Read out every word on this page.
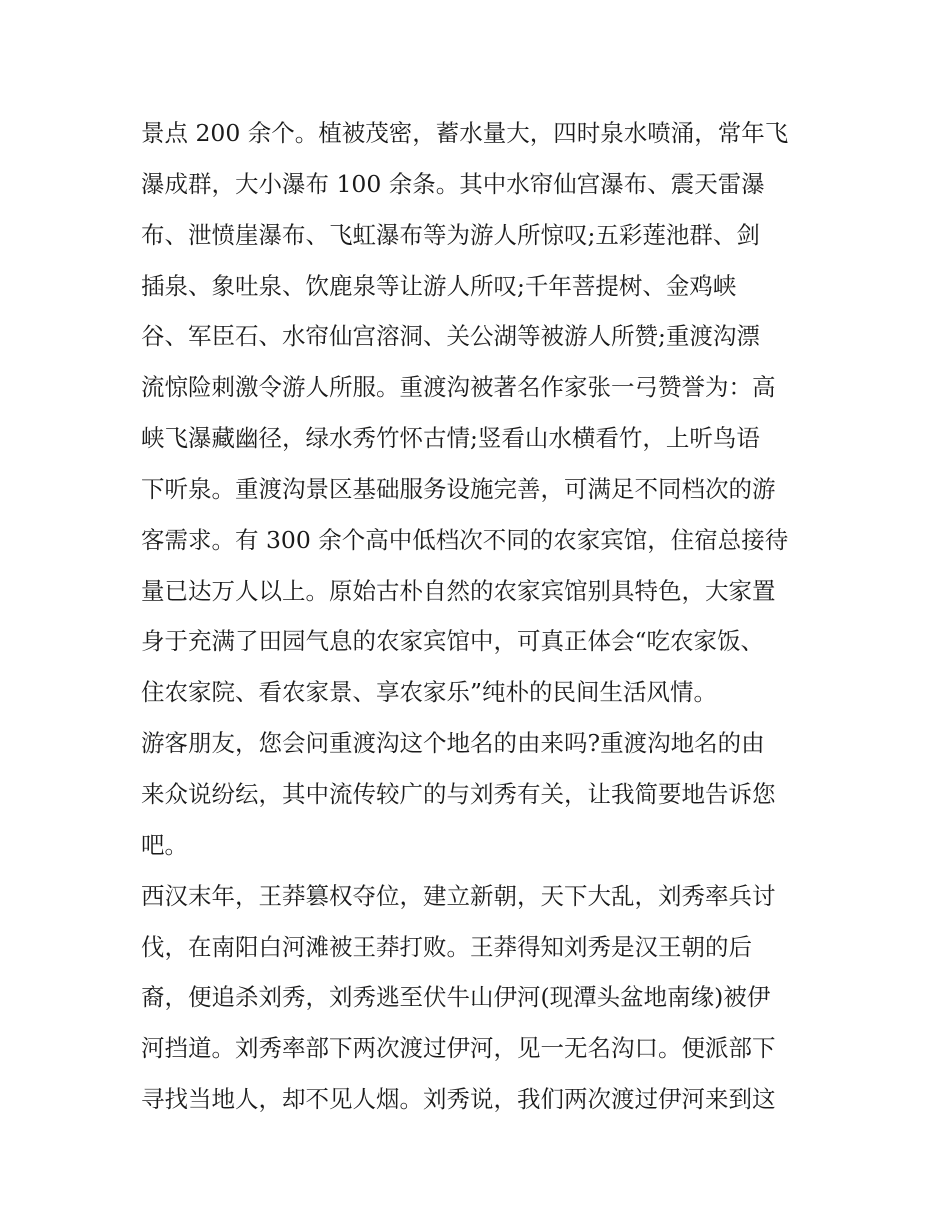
景点 200 余个。植被茂密，蓄水量大，四时泉水喷涌，常年飞
瀑成群，大小瀑布 100 余条。其中水帘仙宫瀑布、震天雷瀑
布、泄愤崖瀑布、飞虹瀑布等为游人所惊叹;五彩莲池群、剑
插泉、象吐泉、饮鹿泉等让游人所叹;千年菩提树、金鸡峡
谷、军臣石、水帘仙宫溶洞、关公湖等被游人所赞;重渡沟漂
流惊险刺激令游人所服。重渡沟被著名作家张一弓赞誉为：高
峡飞瀑藏幽径，绿水秀竹怀古情;竖看山水横看竹，上听鸟语
下听泉。重渡沟景区基础服务设施完善，可满足不同档次的游
客需求。有 300 余个高中低档次不同的农家宾馆，住宿总接待
量已达万人以上。原始古朴自然的农家宾馆别具特色，大家置
身于充满了田园气息的农家宾馆中，可真正体会“吃农家饭、
住农家院、看农家景、享农家乐”纯朴的民间生活风情。
游客朋友，您会问重渡沟这个地名的由来吗?重渡沟地名的由
来众说纷纭，其中流传较广的与刘秀有关，让我简要地告诉您
吧。
西汉末年，王莽篡权夺位，建立新朝，天下大乱，刘秀率兵讨
伐，在南阳白河滩被王莽打败。王莽得知刘秀是汉王朝的后
裔，便追杀刘秀，刘秀逃至伏牛山伊河(现潭头盆地南缘)被伊
河挡道。刘秀率部下两次渡过伊河，见一无名沟口。便派部下
寻找当地人，却不见人烟。刘秀说，我们两次渡过伊河来到这
